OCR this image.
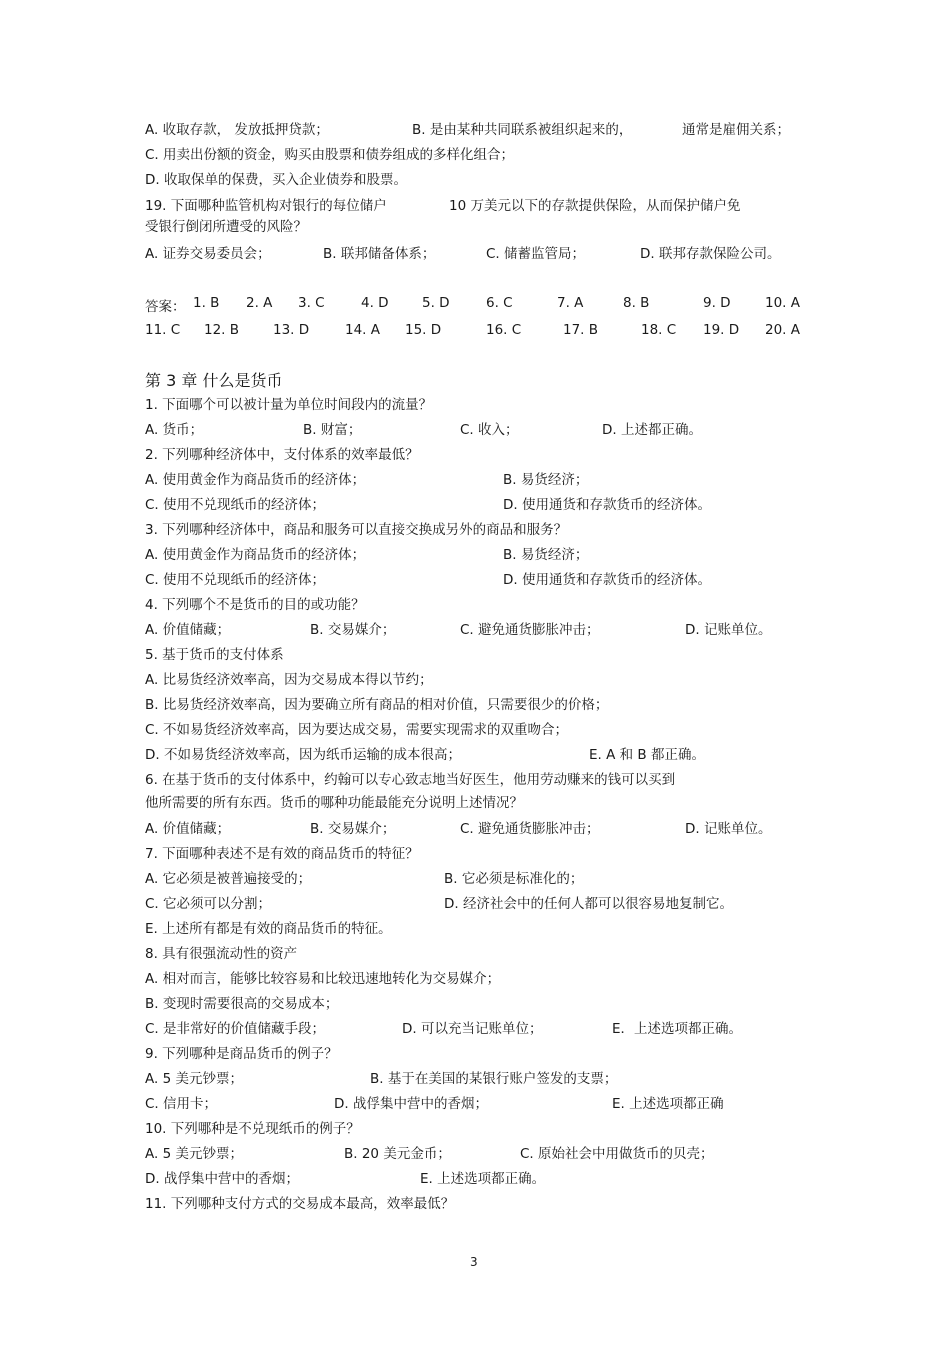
A. 收取存款， 发放抵押贷款；	B. 是由某种共同联系被组织起来的，	通常是雇佣关系；
C. 用卖出份额的资金，购买由股票和债券组成的多样化组合；
D. 收取保单的保费，买入企业债券和股票。
19. 下面哪种监管机构对银行的每位储户	10 万美元以下的存款提供保险，从而保护储户免
受银行倒闭所遭受的风险？
A. 证券交易委员会；	B. 联邦储备体系；	C. 储蓄监管局；	D. 联邦存款保险公司。
答案： 1. B 2. A 3. C	4. D 5. D	6. C	7. A	8. B	9. D	10. A
11. C 12. B	13. D	14. A 15. D	16. C	17. B	18. C 19. D 20. A
第 3 章 什么是货币
1. 下面哪个可以被计量为单位时间段内的流量？
A. 货币；	B. 财富；	C. 收入；	D. 上述都正确。
2. 下列哪种经济体中，支付体系的效率最低？
A. 使用黄金作为商品货币的经济体；	B. 易货经济；
C. 使用不兑现纸币的经济体；	D. 使用通货和存款货币的经济体。
3. 下列哪种经济体中，商品和服务可以直接交换成另外的商品和服务？
A. 使用黄金作为商品货币的经济体；	B. 易货经济；
C. 使用不兑现纸币的经济体；	D. 使用通货和存款货币的经济体。
4. 下列哪个不是货币的目的或功能？
A. 价值储藏；	B. 交易媒介；	C. 避免通货膨胀冲击；	D. 记账单位。
5. 基于货币的支付体系
A. 比易货经济效率高，因为交易成本得以节约；
B. 比易货经济效率高，因为要确立所有商品的相对价值，只需要很少的价格；
C. 不如易货经济效率高，因为要达成交易，需要实现需求的双重吻合；
D. 不如易货经济效率高，因为纸币运输的成本很高；	E. A 和 B 都正确。
6. 在基于货币的支付体系中，约翰可以专心致志地当好医生，他用劳动赚来的钱可以买到
他所需要的所有东西。货币的哪种功能最能充分说明上述情况？
A. 价值储藏；	B. 交易媒介；	C. 避免通货膨胀冲击；	D. 记账单位。
7. 下面哪种表述不是有效的商品货币的特征？
A. 它必须是被普遍接受的；	B. 它必须是标准化的；
C. 它必须可以分割；	D. 经济社会中的任何人都可以很容易地复制它。
E. 上述所有都是有效的商品货币的特征。
8. 具有很强流动性的资产
A. 相对而言，能够比较容易和比较迅速地转化为交易媒介；
B. 变现时需要很高的交易成本；
C. 是非常好的价值储藏手段；	D. 可以充当记账单位；	E．上述选项都正确。
9. 下列哪种是商品货币的例子？
A. 5 美元钞票；	B. 基于在美国的某银行账户签发的支票；
C. 信用卡；	D. 战俘集中营中的香烟；	E. 上述选项都正确
10. 下列哪种是不兑现纸币的例子？
A. 5 美元钞票；	B. 20 美元金币；	C. 原始社会中用做货币的贝壳；
D. 战俘集中营中的香烟；	E. 上述选项都正确。
11. 下列哪种支付方式的交易成本最高，效率最低？
3
